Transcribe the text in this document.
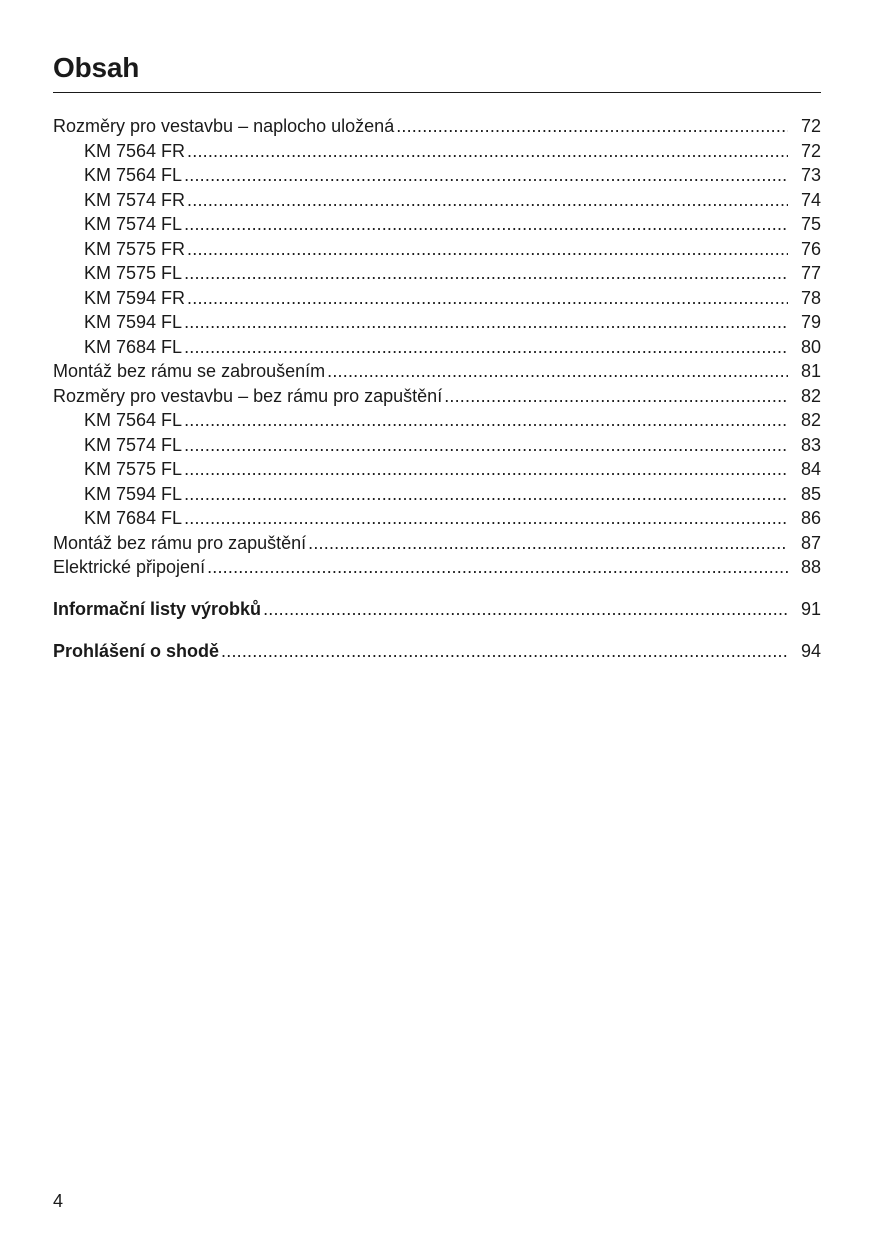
Obsah
Rozměry pro vestavbu – naplocho uložená .....	72
KM 7564 FR .....	72
KM 7564 FL .....	73
KM 7574 FR .....	74
KM 7574 FL .....	75
KM 7575 FR .....	76
KM 7575 FL .....	77
KM 7594 FR .....	78
KM 7594 FL .....	79
KM 7684 FL .....	80
Montáž bez rámu se zabroušením .....	81
Rozměry pro vestavbu – bez rámu pro zapuštění .....	82
KM 7564 FL .....	82
KM 7574 FL .....	83
KM 7575 FL .....	84
KM 7594 FL .....	85
KM 7684 FL .....	86
Montáž bez rámu pro zapuštění .....	87
Elektrické připojení .....	88
Informační listy výrobků .....	91
Prohlášení o shodě .....	94
4
